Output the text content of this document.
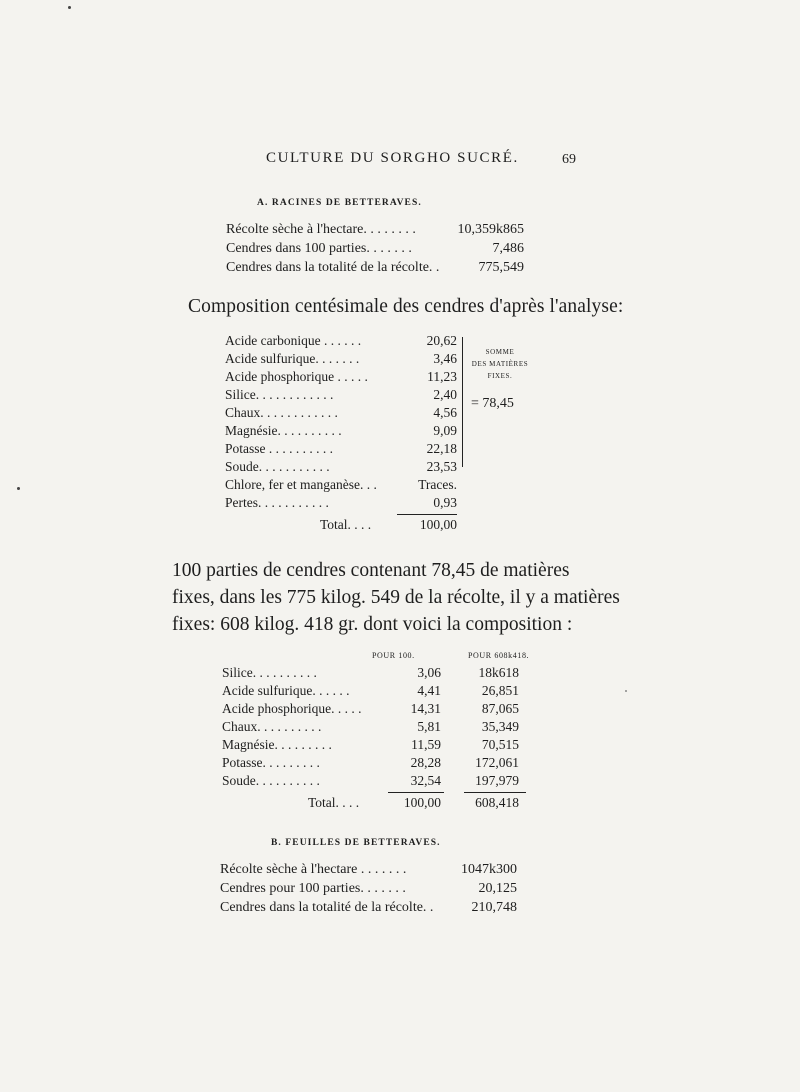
CULTURE DU SORGHO SUCRÉ.	69
A. RACINES DE BETTERAVES.
Récolte sèche à l'hectare. . . . . . . .	10,359k865
Cendres dans 100 parties. . . . . . .	7,486
Cendres dans la totalité de la récolte. .	775,549
Composition centésimale des cendres d'après l'analyse:
Acide carbonique . . . . . .	20,62
Acide sulfurique. . . . . . .	3,46
Acide phosphorique . . . . .	11,23
Silice. . . . . . . . . . . .	2,40
Chaux. . . . . . . . . . . .	4,56
Magnésie. . . . . . . . . .	9,09
Potasse . . . . . . . . . .	22,18
Soude. . . . . . . . . . .	23,53
Chlore, fer et manganèse. . .	Traces.
Pertes. . . . . . . . . . .	0,93
Total. . . .	100,00
SOMME
DES MATIÈRES
FIXES.
= 78,45
100 parties de cendres contenant 78,45 de matières
fixes, dans les 775 kilog. 549 de la récolte, il y a matières
fixes: 608 kilog. 418 gr. dont voici la composition :
POUR 100.	POUR 608k418.
Silice. . . . . . . . . .	3,06	18k618
Acide sulfurique. . . . . .	4,41	26,851
Acide phosphorique. . . . .	14,31	87,065
Chaux. . . . . . . . . .	5,81	35,349
Magnésie. . . . . . . . .	11,59	70,515
Potasse. . . . . . . . .	28,28	172,061
Soude. . . . . . . . . .	32,54	197,979
Total. . . .	100,00	608,418
B. FEUILLES DE BETTERAVES.
Récolte sèche à l'hectare . . . . . . .	1047k300
Cendres pour 100 parties. . . . . . .	20,125
Cendres dans la totalité de la récolte. .	210,748
